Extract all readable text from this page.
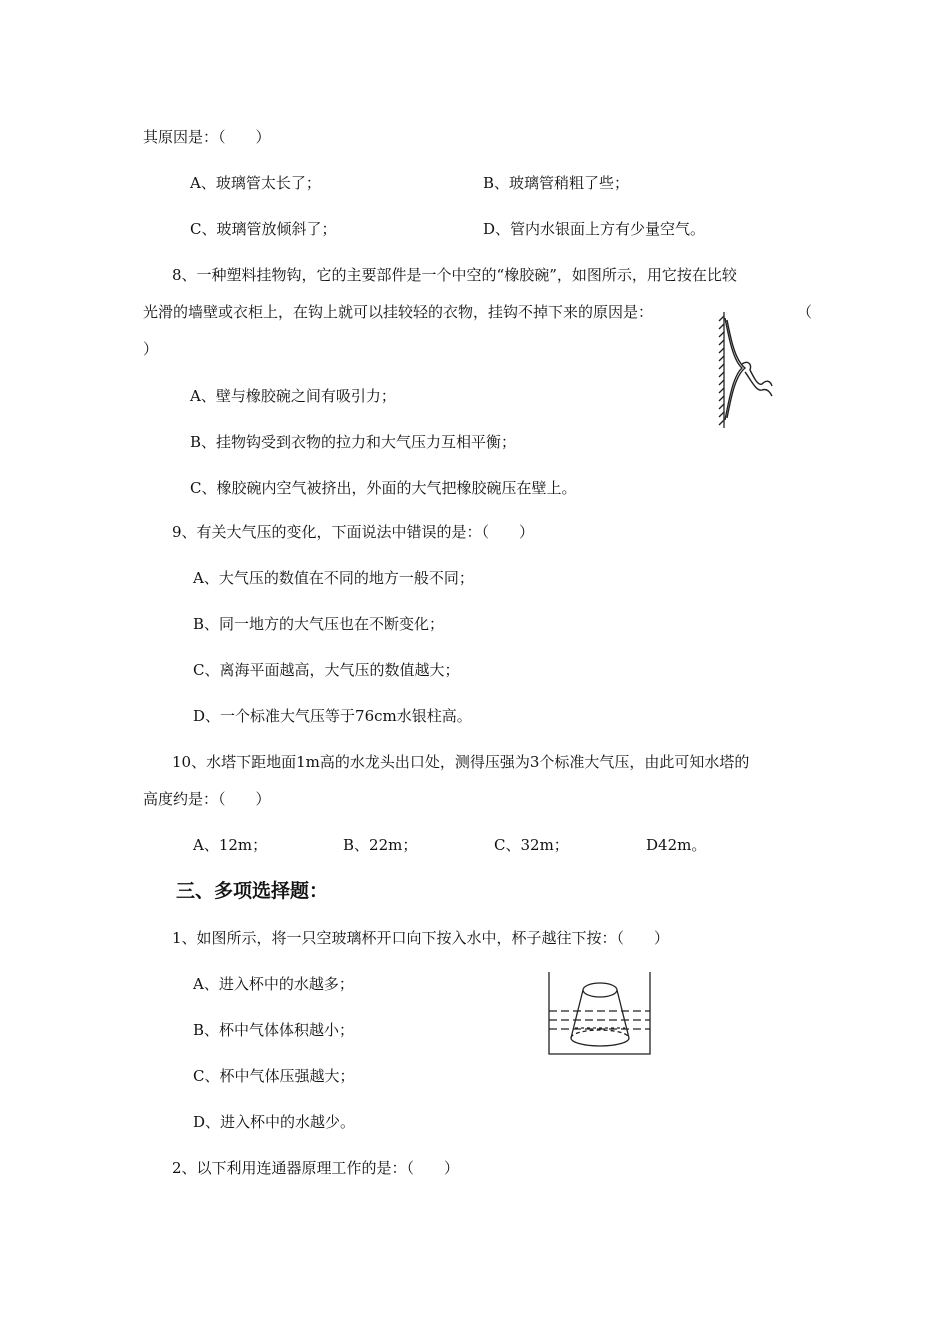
其原因是：（　　）
A、玻璃管太长了；	B、玻璃管稍粗了些；
C、玻璃管放倾斜了；	D、管内水银面上方有少量空气。
8、一种塑料挂物钩，它的主要部件是一个中空的“橡胶碗”，如图所示，用它按在比较
光滑的墙壁或衣柜上，在钩上就可以挂较轻的衣物，挂钩不掉下来的原因是：	（
）
A、壁与橡胶碗之间有吸引力；
B、挂物钩受到衣物的拉力和大气压力互相平衡；
C、橡胶碗内空气被挤出，外面的大气把橡胶碗压在壁上。
9、有关大气压的变化，下面说法中错误的是：（　　）
A、大气压的数值在不同的地方一般不同；
B、同一地方的大气压也在不断变化；
C、离海平面越高，大气压的数值越大；
D、一个标准大气压等于76cm水银柱高。
10、水塔下距地面1m高的水龙头出口处，测得压强为3个标准大气压，由此可知水塔的
高度约是：（　　）
A、12m；	B、22m；	C、32m；	D42m。
三、多项选择题：
1、如图所示，将一只空玻璃杯开口向下按入水中，杯子越往下按：（　　）
A、进入杯中的水越多；
B、杯中气体体积越小；
C、杯中气体压强越大；
D、进入杯中的水越少。
2、以下利用连通器原理工作的是：（　　）
